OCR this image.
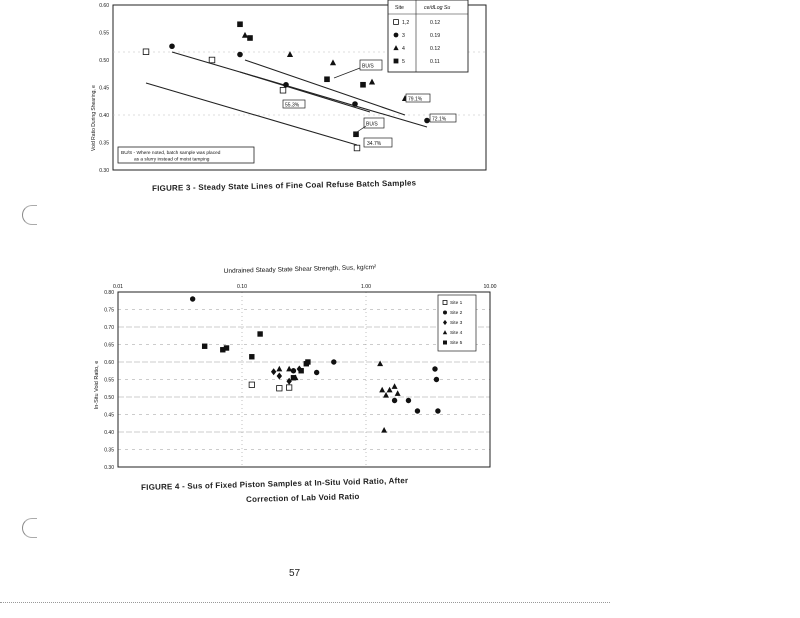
Void Ratio During Shearing, e
0.60
0.55
0.50
0.45
0.40
0.35
0.30
BU/S
BU/S
55.3%
79.1%
72.1%
34.7%
BU/S - Where noted, batch sample was placed
as a slurry instead of moist tamping
Site	ce/dLog Su
1,2	0.12
3	0.19
4	0.12
5	0.11
FIGURE 3 - Steady State Lines of Fine Coal Refuse Batch Samples
Undrained Steady State Shear Strength, Sus, kg/cm²
In-Situ Void Ratio, e
0.01	0.10	1.00	10.00
0.80
0.75
0.70
0.65
0.60
0.55
0.50
0.45
0.40
0.35
0.30
Site 1
Site 2
Site 3
Site 4
Site 5
FIGURE 4 - Sus of Fixed Piston Samples at In-Situ Void Ratio, After
Correction of Lab Void Ratio
57
